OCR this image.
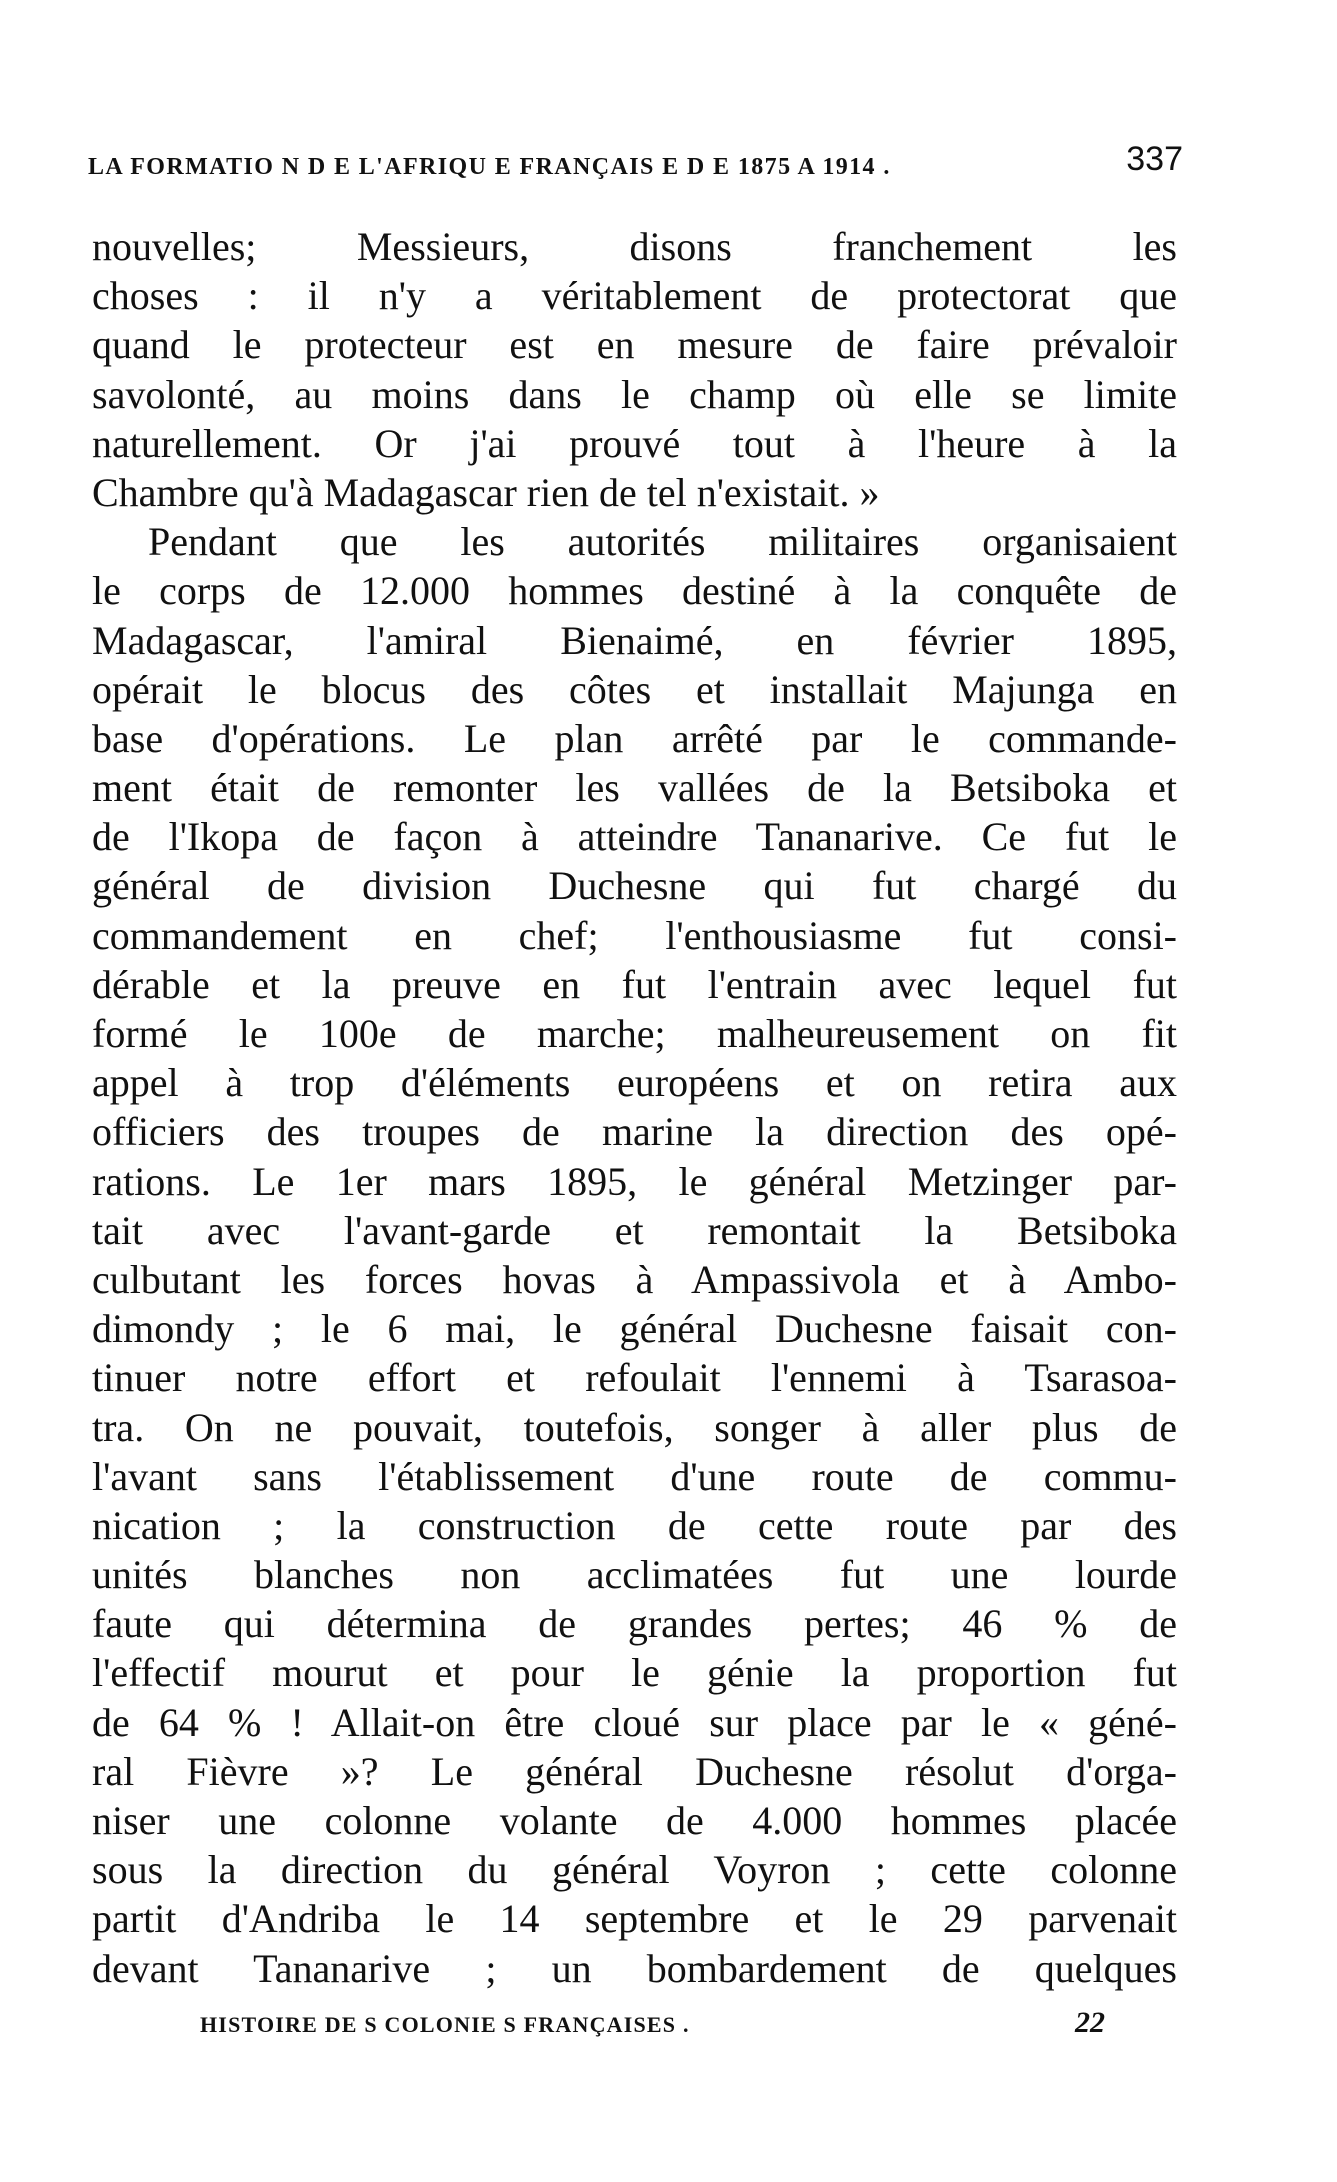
LA FORMATIO N D E L'AFRIQU E FRANÇAIS E D E 1875 A 1914 .	337
nouvelles; Messieurs, disons franchement les
choses : il n'y a véritablement de protectorat que
quand le protecteur est en mesure de faire prévaloir
savolonté, au moins dans le champ où elle se limite
naturellement. Or j'ai prouvé tout à l'heure à la
Chambre qu'à Madagascar rien de tel n'existait. »
Pendant que les autorités militaires organisaient
le corps de 12.000 hommes destiné à la conquête de
Madagascar, l'amiral Bienaimé, en février 1895,
opérait le blocus des côtes et installait Majunga en
base d'opérations. Le plan arrêté par le commande-
ment était de remonter les vallées de la Betsiboka et
de l'Ikopa de façon à atteindre Tananarive. Ce fut le
général de division Duchesne qui fut chargé du
commandement en chef; l'enthousiasme fut consi-
dérable et la preuve en fut l'entrain avec lequel fut
formé le 100e de marche; malheureusement on fit
appel à trop d'éléments européens et on retira aux
officiers des troupes de marine la direction des opé-
rations. Le 1er mars 1895, le général Metzinger par-
tait avec l'avant-garde et remontait la Betsiboka
culbutant les forces hovas à Ampassivola et à Ambo-
dimondy ; le 6 mai, le général Duchesne faisait con-
tinuer notre effort et refoulait l'ennemi à Tsarasoa-
tra. On ne pouvait, toutefois, songer à aller plus de
l'avant sans l'établissement d'une route de commu-
nication ; la construction de cette route par des
unités blanches non acclimatées fut une lourde
faute qui détermina de grandes pertes; 46 % de
l'effectif mourut et pour le génie la proportion fut
de 64 % ! Allait-on être cloué sur place par le « géné-
ral Fièvre »? Le général Duchesne résolut d'orga-
niser une colonne volante de 4.000 hommes placée
sous la direction du général Voyron ; cette colonne
partit d'Andriba le 14 septembre et le 29 parvenait
devant Tananarive ; un bombardement de quelques
HISTOIRE DE S COLONIE S FRANÇAISES .	22
